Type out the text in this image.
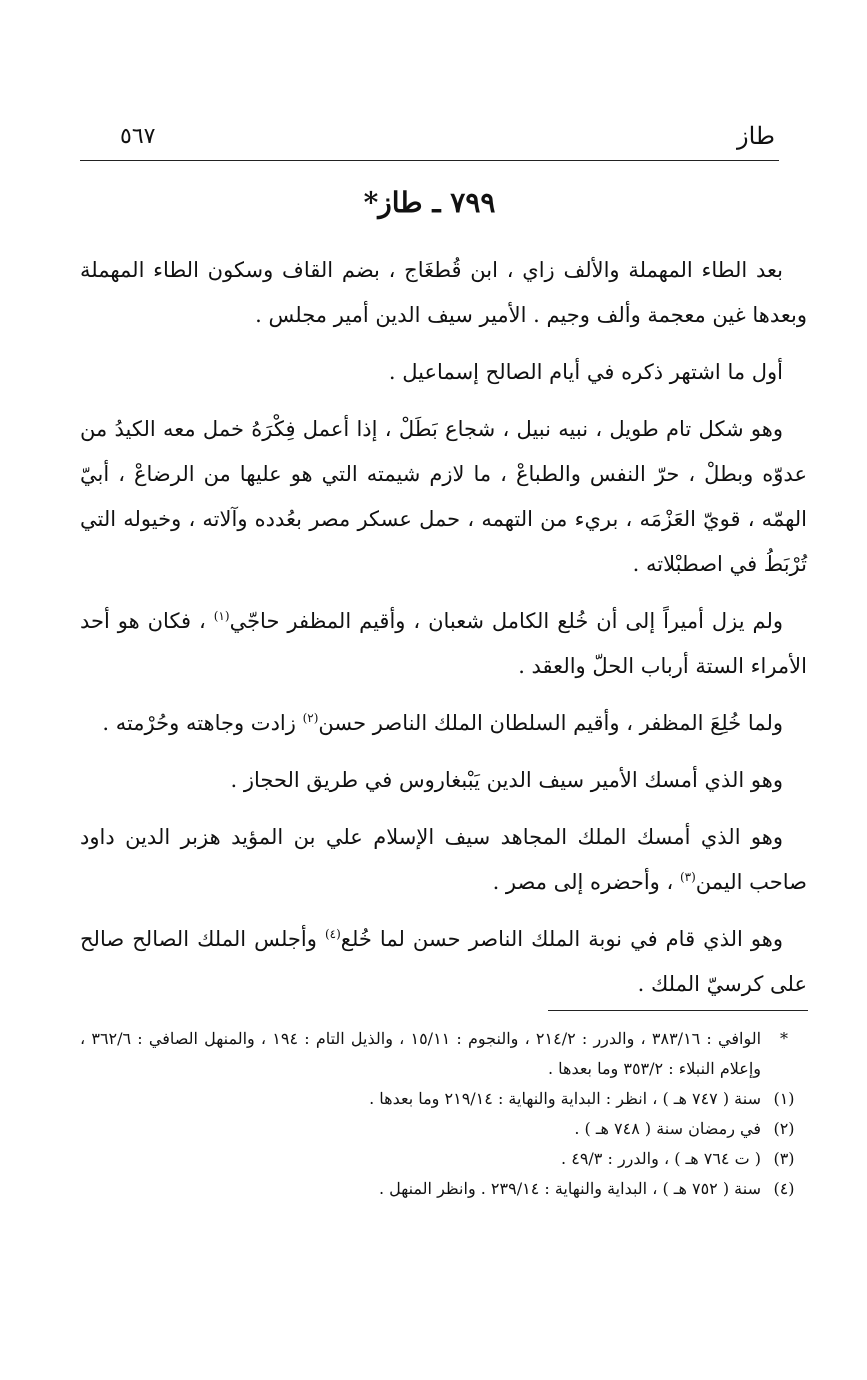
طاز
٥٦٧
٧٩٩ ـ طاز*

بعد الطاء المهملة والألف زاي ، ابن قُطغَاج ، بضم القاف وسكون الطاء المهملة وبعدها غين معجمة وألف وجيم . الأمير سيف الدين أمير مجلس .

أول ما اشتهر ذكره في أيام الصالح إسماعيل .

وهو شكل تام طويل ، نبيه نبيل ، شجاع بَطَلْ ، إذا أعمل فِكْرَهُ خمل معه الكيدُ من عدوّه وبطلْ ، حرّ النفس والطباعْ ، ما لازم شيمته التي هو عليها من الرضاعْ ، أبيّ الهمّه ، قويّ العَزْمَه ، بريء من التهمه ، حمل عسكر مصر بعُدده وآلاته ، وخيوله التي تُرْبَطُ في اصطبْلاته .

ولم يزل أميراً إلى أن خُلع الكامل شعبان ، وأقيم المظفر حاجّي$^{(١)}$ ، فكان هو أحد الأمراء الستة أرباب الحلّ والعقد .

ولما خُلِعَ المظفر ، وأقيم السلطان الملك الناصر حسن$^{(٢)}$ زادت وجاهته وحُرْمته .

وهو الذي أمسك الأمير سيف الدين يَبْبغاروس في طريق الحجاز .

وهو الذي أمسك الملك المجاهد سيف الإسلام علي بن المؤيد هزبر الدين داود صاحب اليمن$^{(٣)}$ ، وأحضره إلى مصر .

وهو الذي قام في نوبة الملك الناصر حسن لما خُلع$^{(٤)}$ وأجلس الملك الصالح صالح على كرسيّ الملك .

*
الوافي : ٣٨٣/١٦ ، والدرر : ٢١٤/٢ ، والنجوم : ١٥/١١ ، والذيل التام : ١٩٤ ، والمنهل الصافي : ٣٦٢/٦ ، وإعلام النبلاء : ٣٥٣/٢ وما بعدها .
(١)
سنة ( ٧٤٧ هـ ) ، انظر : البداية والنهاية : ٢١٩/١٤ وما بعدها .
(٢)
في رمضان سنة ( ٧٤٨ هـ ) .
(٣)
( ت ٧٦٤ هـ ) ، والدرر : ٤٩/٣ .
(٤)
سنة ( ٧٥٢ هـ ) ، البداية والنهاية : ٢٣٩/١٤ . وانظر المنهل .
